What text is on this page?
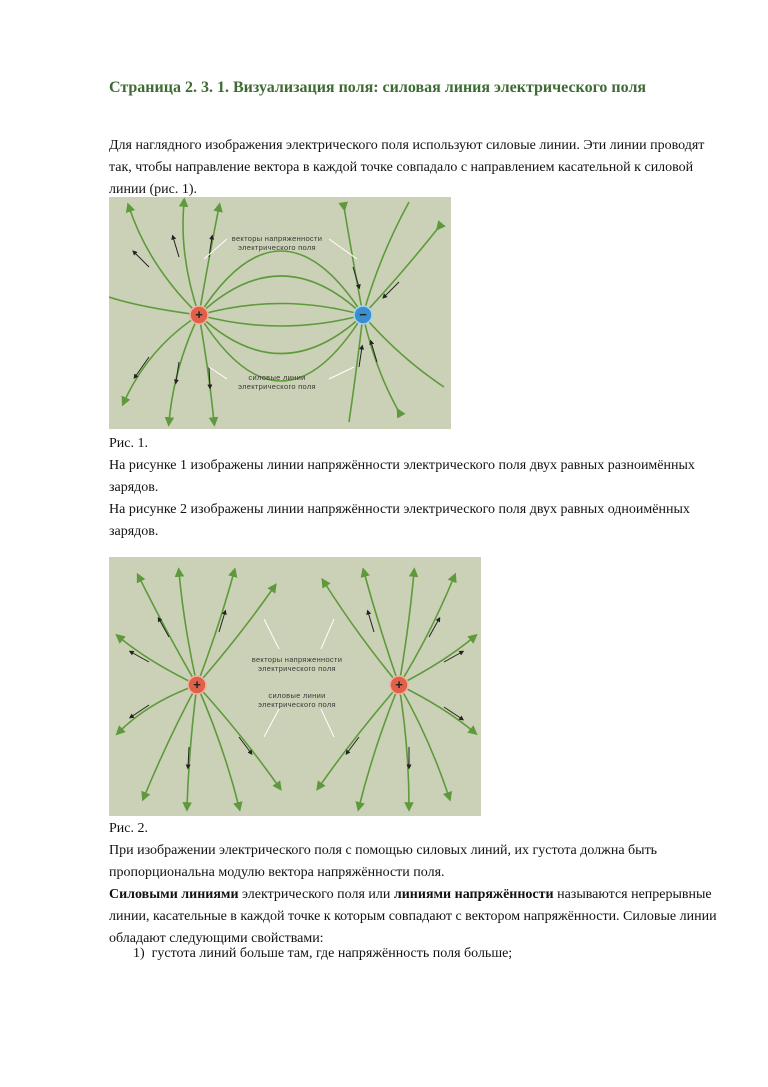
Страница 2. 3. 1. Визуализация поля: силовая линия электрического поля
Для наглядного изображения электрического поля используют силовые линии. Эти линии проводят так, чтобы направление вектора в каждой точке совпадало с направлением касательной к силовой линии (рис. 1).
векторы напряженности
электрического поля
силовые линии
электрического поля
+	−
Рис. 1.
На рисунке 1 изображены линии напряжённости электрического поля двух равных разноимённых зарядов.
На рисунке 2 изображены линии напряжённости электрического поля двух равных одноимённых зарядов.
векторы напряженности
электрического поля
силовые линии
электрического поля
+	+
Рис. 2.
При изображении электрического поля с помощью силовых линий, их густота должна быть пропорциональна модулю вектора напряжённости поля.
Силовыми линиями электрического поля или линиями напряжённости называются непрерывные линии, касательные в каждой точке к которым совпадают с вектором напряжённости. Силовые линии обладают следующими свойствами:
1) густота линий больше там, где напряжённость поля больше;
